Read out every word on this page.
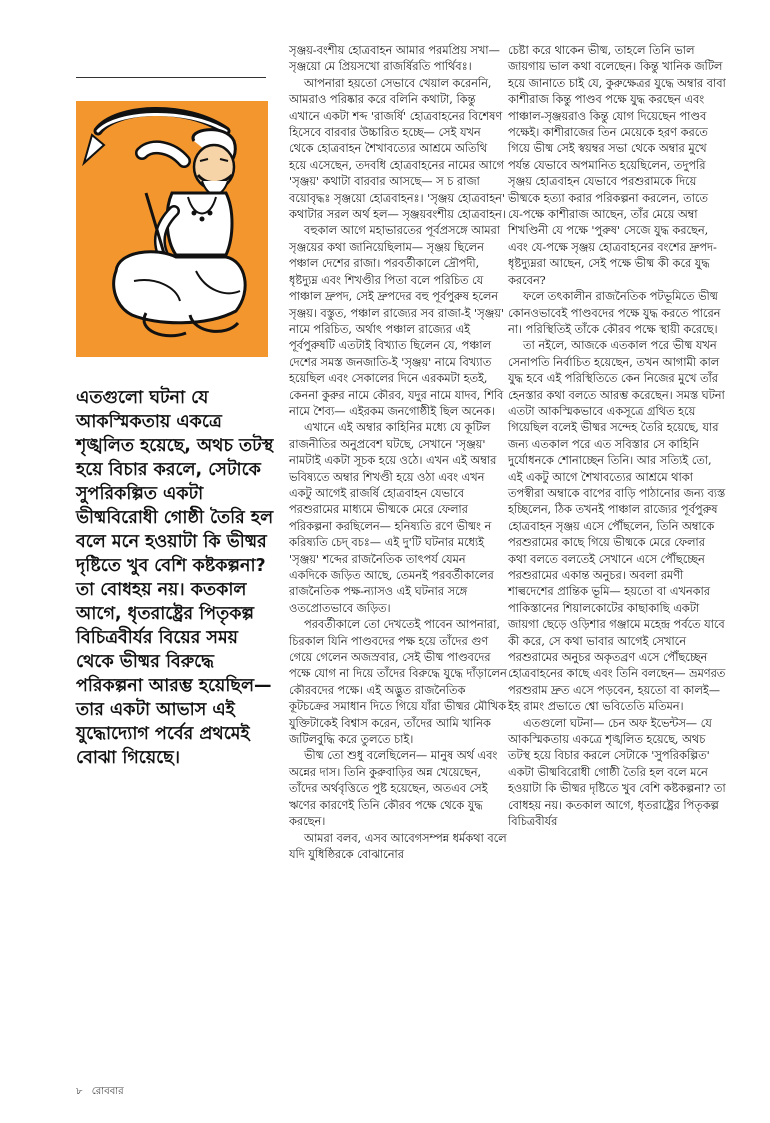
এতগুলো ঘটনা যে আকস্মিকতায় একত্রে শৃঙ্খলিত হয়েছে, অথচ তটস্থ হয়ে বিচার করলে, সেটাকে সুপরিকল্পিত একটা ভীষ্মবিরোধী গোষ্ঠী তৈরি হল বলে মনে হওয়াটা কি ভীষ্মর দৃষ্টিতে খুব বেশি কষ্টকল্পনা? তা বোধহয় নয়। কতকাল আগে, ধৃতরাষ্ট্রের পিতৃকল্প বিচিত্রবীর্যর বিয়ের সময় থেকে ভীষ্মর বিরুদ্ধে পরিকল্পনা আরম্ভ হয়েছিল— তার একটা আভাস এই যুদ্ধোদ্যোগ পর্বের প্রথমেই বোঝা গিয়েছে।

সৃঞ্জয়-বংশীয় হোত্রবাহন আমার পরমপ্রিয় সখা— সৃঞ্জয়ো মে প্রিয়সখো রাজর্ষিরতি পার্থিবঃ।

আপনারা হয়তো সেভাবে খেয়াল করেননি, আমরাও পরিষ্কার করে বলিনি কথাটা, কিন্তু এখানে একটা শব্দ 'রাজর্ষি' হোত্রবাহনের বিশেষণ হিসেবে বারবার উচ্চারিত হচ্ছে— সেই যখন থেকে হোত্রবাহন শৈখাবত্যের আশ্রমে অতিথি হয়ে এসেছেন, তদবধি হোত্রবাহনের নামের আগে 'সৃঞ্জয়' কথাটা বারবার আসছে— স চ রাজা বয়োবৃদ্ধঃ সৃঞ্জয়ো হোত্রবাহনঃ। 'সৃঞ্জয় হোত্রবাহন' কথাটার সরল অর্থ হল— সৃঞ্জয়বংশীয় হোত্রবাহন।

বহুকাল আগে মহাভারতের পূর্বপ্রসঙ্গে আমরা সৃঞ্জয়ের কথা জানিয়েছিলাম— সৃঞ্জয় ছিলেন পঞ্চাল দেশের রাজা। পরবর্তীকালে দ্রৌপদী, ধৃষ্টদ্যুম্ন এবং শিখণ্ডীর পিতা বলে পরিচিত যে পাঞ্চাল দ্রুপদ, সেই দ্রুপদের বহু পূর্বপুরুষ হলেন সৃঞ্জয়। বস্তুত, পঞ্চাল রাজ্যের সব রাজা-ই 'সৃঞ্জয়' নামে পরিচিত, অর্থাৎ পঞ্চাল রাজ্যের এই পূর্বপুরুষটি এতটাই বিখ্যাত ছিলেন যে, পঞ্চাল দেশের সমস্ত জনজাতি-ই 'সৃঞ্জয়' নামে বিখ্যাত হয়েছিল এবং সেকালের দিনে এরকমটা হতই, কেননা কুরুর নামে কৌরব, যদুর নামে যাদব, শিবি নামে শৈব্য— এইরকম জনগোষ্ঠীই ছিল অনেক।

এখানে এই অম্বার কাহিনির মধ্যে যে কূটিল রাজনীতির অনুপ্রবেশ ঘটছে, সেখানে 'সৃঞ্জয়' নামটাই একটা সূচক হয়ে ওঠে। এখন এই অম্বার ভবিষ্যতে অম্বার শিখণ্ডী হয়ে ওঠা এবং এখন একটু আগেই রাজর্ষি হোত্রবাহন যেভাবে পরশুরামের মাধ্যমে ভীষ্মকে মেরে ফেলার পরিকল্পনা করছিলেন— হনিষ্যতি রণে ভীষ্মং ন করিষ্যতি চেদ্‌ বচঃ— এই দু'টি ঘটনার মধ্যেই 'সৃঞ্জয়' শব্দের রাজনৈতিক তাৎপর্য যেমন একদিকে জড়িত আছে, তেমনই পরবর্তীকালের রাজনৈতিক পক্ষ-ন্যাসও এই ঘটনার সঙ্গে ওতপ্রোতভাবে জড়িত।

পরবর্তীকালে তো দেখতেই পাবেন আপনারা, চিরকাল যিনি পাণ্ডবদের পক্ষ হয়ে তাঁদের গুণ গেয়ে গেলেন অজস্রবার, সেই ভীষ্ম পাণ্ডবদের পক্ষে যোগ না দিয়ে তাঁদের বিরুদ্ধে যুদ্ধে দাঁড়ালেন কৌরবদের পক্ষে। এই অদ্ভুত রাজনৈতিক কূটচক্রের সমাধান দিতে গিয়ে যাঁরা ভীষ্মর মৌখিক যুক্তিটাকেই বিশ্বাস করেন, তাঁদের আমি খানিক জটিলবুদ্ধি করে তুলতে চাই।

ভীষ্ম তো শুধু বলেছিলেন— মানুষ অর্থ এবং অন্নের দাস। তিনি কুরুবাড়ির অন্ন খেয়েছেন, তাঁদের অর্থবৃত্তিতে পুষ্ট হয়েছেন, অতএব সেই ঋণের কারণেই তিনি কৌরব পক্ষে থেকে যুদ্ধ করছেন।

আমরা বলব, এসব আবেগসম্পন্ন ধর্মকথা বলে যদি যুধিষ্ঠিরকে বোঝানোর

চেষ্টা করে থাকেন ভীষ্ম, তাহলে তিনি ভাল জায়গায় ভাল কথা বলেছেন। কিন্তু খানিক জটিল হয়ে জানাতে চাই যে, কুরুক্ষেত্রর যুদ্ধে অম্বার বাবা কাশীরাজ কিন্তু পাণ্ডব পক্ষে যুদ্ধ করছেন এবং পাঞ্চাল-সৃঞ্জয়রাও কিন্তু যোগ দিয়েছেন পাণ্ডব পক্ষেই। কাশীরাজের তিন মেয়েকে হরণ করতে গিয়ে ভীষ্ম সেই স্বয়ম্বর সভা থেকে অম্বার মুখে পর্যন্ত যেভাবে অপমানিত হয়েছিলেন, তদুপরি সৃঞ্জয় হোত্রবাহন যেভাবে পরশুরামকে দিয়ে ভীষ্মকে হত্যা করার পরিকল্পনা করলেন, তাতে যে-পক্ষে কাশীরাজ আছেন, তাঁর মেয়ে অম্বা শিখণ্ডিনী যে পক্ষে 'পুরুষ' সেজে যুদ্ধ করছেন, এবং যে-পক্ষে সৃঞ্জয় হোত্রবাহনের বংশের দ্রুপদ-ধৃষ্টদ্যুম্নরা আছেন, সেই পক্ষে ভীষ্ম কী করে যুদ্ধ করবেন?

ফলে তৎকালীন রাজনৈতিক পটভূমিতে ভীষ্ম কোনওভাবেই পাণ্ডবদের পক্ষে যুদ্ধ করতে পারেন না। পরিস্থিতিই তাঁকে কৌরব পক্ষে স্থায়ী করেছে।

তা নইলে, আজকে এতকাল পরে ভীষ্ম যখন সেনাপতি নির্বাচিত হয়েছেন, তখন আগামী কাল যুদ্ধ হবে এই পরিস্থিতিতে কেন নিজের মুখে তাঁর হেনস্তার কথা বলতে আরম্ভ করেছেন। সমস্ত ঘটনা এতটা আকস্মিকভাবে একসূত্রে গ্রথিত হয়ে গিয়েছিল বলেই ভীষ্মর সন্দেহ তৈরি হয়েছে, যার জন্য এতকাল পরে এত সবিস্তার সে কাহিনি দুর্যোধনকে শোনাচ্ছেন তিনি। আর সত্যিই তো, এই একটু আগে শৈখাবত্যের আশ্রমে থাকা তপস্বীরা অম্বাকে বাপের বাড়ি পাঠানোর জন্য ব্যস্ত হচ্ছিলেন, ঠিক তখনই পাঞ্চাল রাজ্যের পূর্বপুরুষ হোত্রবাহন সৃঞ্জয় এসে পৌঁছলেন, তিনি অম্বাকে পরশুরামের কাছে গিয়ে ভীষ্মকে মেরে ফেলার কথা বলতে বলতেই সেখানে এসে পৌঁছচ্ছেন পরশুরামের একান্ত অনুচর। অবলা রমণী শাল্বদেশের প্রান্তিক ভূমি— হয়তো বা এখনকার পাকিস্তানের শিয়ালকোটের কাছাকাছি একটা জায়গা ছেড়ে ওড়িশার গঞ্জামে মহেন্দ্র পর্বতে যাবে কী করে, সে কথা ভাবার আগেই সেখানে পরশুরামের অনুচর অকৃতব্রণ এসে পৌঁছচ্ছেন হোত্রবাহনের কাছে এবং তিনি বলছেন— ভ্রমণরত পরশুরাম দ্রুত এসে পড়বেন, হয়তো বা কালই— ইহ রামং প্রভাতে শ্বো ভবিতেতি মতিমন।

এতগুলো ঘটনা— চেন অফ ইভেন্টস— যে আকস্মিকতায় একত্রে শৃঙ্খলিত হয়েছে, অথচ তটস্থ হয়ে বিচার করলে সেটাকে 'সুপরিকল্পিত' একটা ভীষ্মবিরোধী গোষ্ঠী তৈরি হল বলে মনে হওয়াটা কি ভীষ্মর দৃষ্টিতে খুব বেশি কষ্টকল্পনা? তা বোধহয় নয়। কতকাল আগে, ধৃতরাষ্ট্রের পিতৃকল্প বিচিত্রবীর্যর

৮ রোববার
